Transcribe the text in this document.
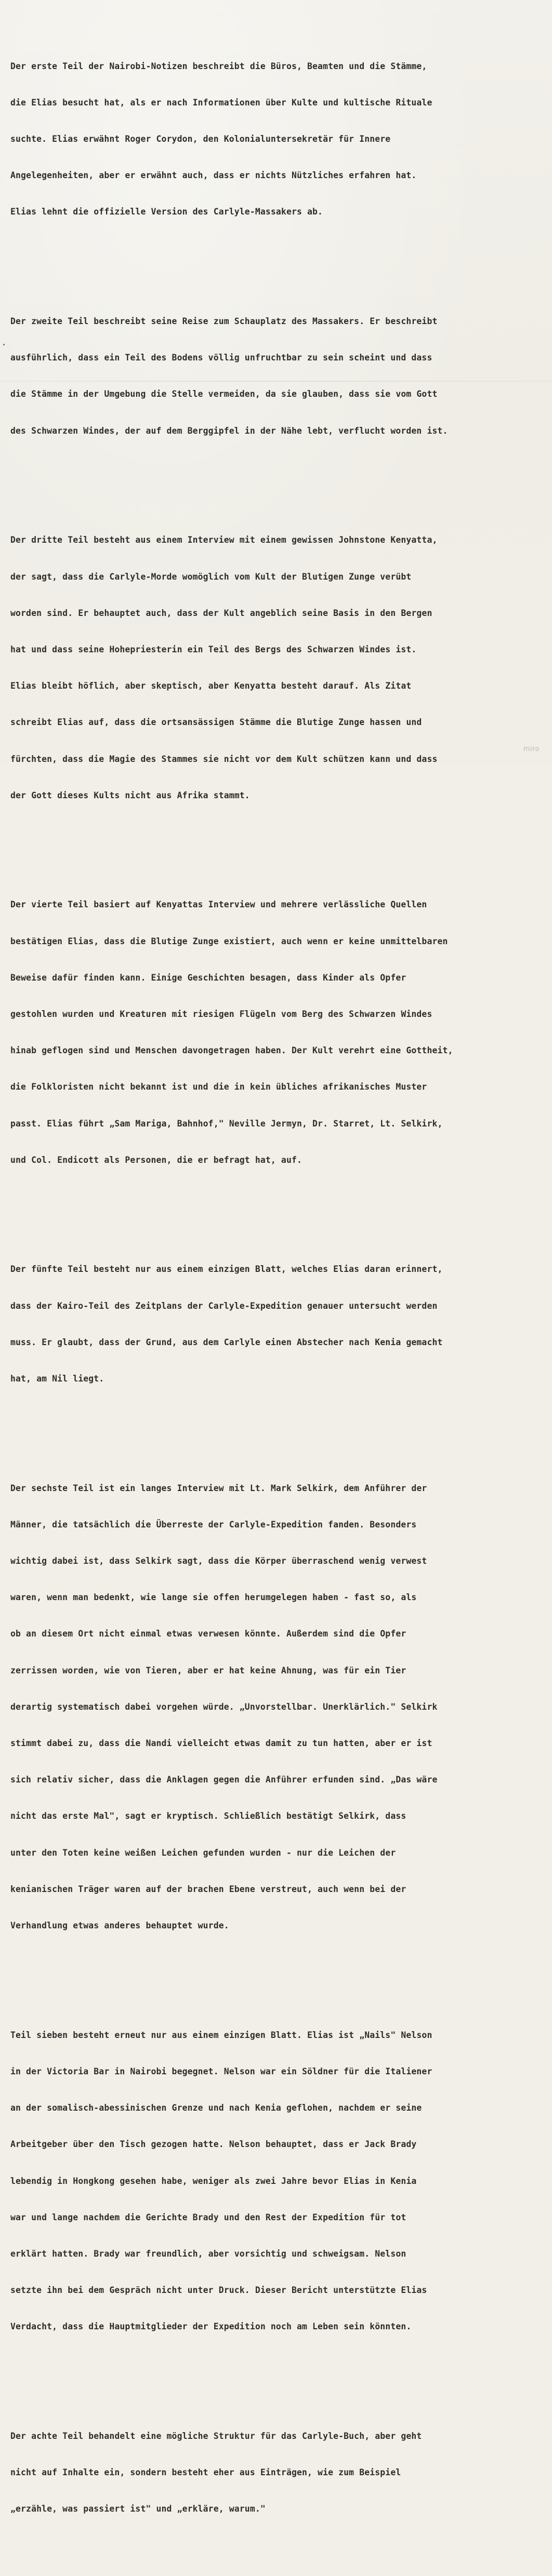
Der erste Teil der Nairobi-Notizen beschreibt die Büros, Beamten und die Stämme,

die Elias besucht hat, als er nach Informationen über Kulte und kultische Rituale

suchte. Elias erwähnt Roger Corydon, den Kolonialuntersekretär für Innere

Angelegenheiten, aber er erwähnt auch, dass er nichts Nützliches erfahren hat.

Elias lehnt die offizielle Version des Carlyle-Massakers ab.

Der zweite Teil beschreibt seine Reise zum Schauplatz des Massakers. Er beschreibt

ausführlich, dass ein Teil des Bodens völlig unfruchtbar zu sein scheint und dass

die Stämme in der Umgebung die Stelle vermeiden, da sie glauben, dass sie vom Gott

des Schwarzen Windes, der auf dem Berggipfel in der Nähe lebt, verflucht worden ist.

Der dritte Teil besteht aus einem Interview mit einem gewissen Johnstone Kenyatta,

der sagt, dass die Carlyle-Morde womöglich vom Kult der Blutigen Zunge verübt

worden sind. Er behauptet auch, dass der Kult angeblich seine Basis in den Bergen

hat und dass seine Hohepriesterin ein Teil des Bergs des Schwarzen Windes ist.

Elias bleibt höflich, aber skeptisch, aber Kenyatta besteht darauf. Als Zitat

schreibt Elias auf, dass die ortsansässigen Stämme die Blutige Zunge hassen und

fürchten, dass die Magie des Stammes sie nicht vor dem Kult schützen kann und dass

der Gott dieses Kults nicht aus Afrika stammt.

Der vierte Teil basiert auf Kenyattas Interview und mehrere verlässliche Quellen

bestätigen Elias, dass die Blutige Zunge existiert, auch wenn er keine unmittelbaren

Beweise dafür finden kann. Einige Geschichten besagen, dass Kinder als Opfer

gestohlen wurden und Kreaturen mit riesigen Flügeln vom Berg des Schwarzen Windes

hinab geflogen sind und Menschen davongetragen haben. Der Kult verehrt eine Gottheit,

die Folkloristen nicht bekannt ist und die in kein übliches afrikanisches Muster

passt. Elias führt „Sam Mariga, Bahnhof," Neville Jermyn, Dr. Starret, Lt. Selkirk,

und Col. Endicott als Personen, die er befragt hat, auf.

Der fünfte Teil besteht nur aus einem einzigen Blatt, welches Elias daran erinnert,

dass der Kairo-Teil des Zeitplans der Carlyle-Expedition genauer untersucht werden

muss. Er glaubt, dass der Grund, aus dem Carlyle einen Abstecher nach Kenia gemacht

hat, am Nil liegt.

Der sechste Teil ist ein langes Interview mit Lt. Mark Selkirk, dem Anführer der

Männer, die tatsächlich die Überreste der Carlyle-Expedition fanden. Besonders

wichtig dabei ist, dass Selkirk sagt, dass die Körper überraschend wenig verwest

waren, wenn man bedenkt, wie lange sie offen herumgelegen haben - fast so, als

ob an diesem Ort nicht einmal etwas verwesen könnte. Außerdem sind die Opfer

zerrissen worden, wie von Tieren, aber er hat keine Ahnung, was für ein Tier

derartig systematisch dabei vorgehen würde. „Unvorstellbar. Unerklärlich." Selkirk

stimmt dabei zu, dass die Nandi vielleicht etwas damit zu tun hatten, aber er ist

sich relativ sicher, dass die Anklagen gegen die Anführer erfunden sind. „Das wäre

nicht das erste Mal", sagt er kryptisch. Schließlich bestätigt Selkirk, dass

unter den Toten keine weißen Leichen gefunden wurden - nur die Leichen der

kenianischen Träger waren auf der brachen Ebene verstreut, auch wenn bei der

Verhandlung etwas anderes behauptet wurde.

Teil sieben besteht erneut nur aus einem einzigen Blatt. Elias ist „Nails" Nelson

in der Victoria Bar in Nairobi begegnet. Nelson war ein Söldner für die Italiener

an der somalisch-abessinischen Grenze und nach Kenia geflohen, nachdem er seine

Arbeitgeber über den Tisch gezogen hatte. Nelson behauptet, dass er Jack Brady

lebendig in Hongkong gesehen habe, weniger als zwei Jahre bevor Elias in Kenia

war und lange nachdem die Gerichte Brady und den Rest der Expedition für tot

erklärt hatten. Brady war freundlich, aber vorsichtig und schweigsam. Nelson

setzte ihn bei dem Gespräch nicht unter Druck. Dieser Bericht unterstützte Elias

Verdacht, dass die Hauptmitglieder der Expedition noch am Leben sein könnten.

Der achte Teil behandelt eine mögliche Struktur für das Carlyle-Buch, aber geht

nicht auf Inhalte ein, sondern besteht eher aus Einträgen, wie zum Beispiel

„erzähle, was passiert ist" und „erkläre, warum."

miro
